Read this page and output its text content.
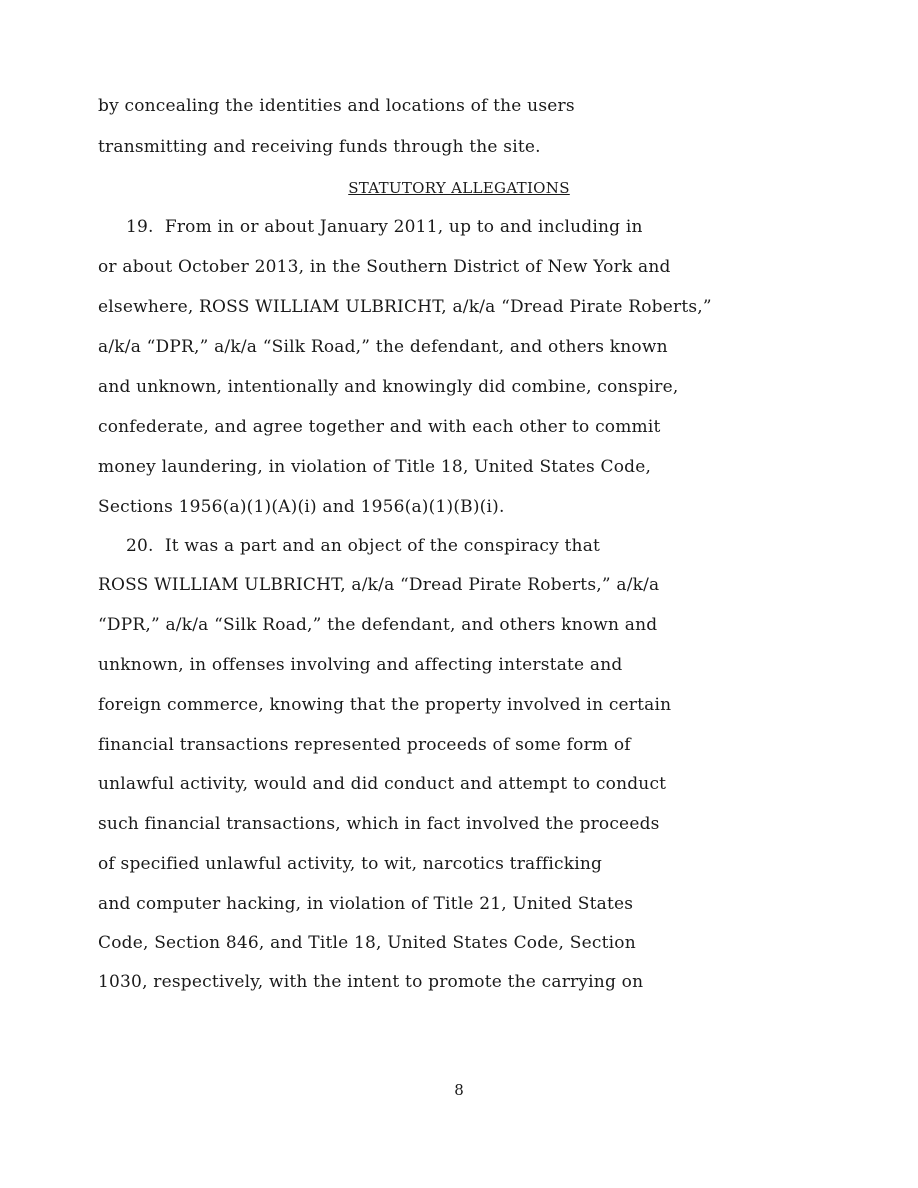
by concealing the identities and locations of the users
transmitting and receiving funds through the site.
STATUTORY ALLEGATIONS
19.  From in or about January 2011, up to and including in
or about October 2013, in the Southern District of New York and
elsewhere, ROSS WILLIAM ULBRICHT, a/k/a “Dread Pirate Roberts,”
a/k/a “DPR,” a/k/a “Silk Road,” the defendant, and others known
and unknown, intentionally and knowingly did combine, conspire,
confederate, and agree together and with each other to commit
money laundering, in violation of Title 18, United States Code,
Sections 1956(a)(1)(A)(i) and 1956(a)(1)(B)(i).
20.  It was a part and an object of the conspiracy that
ROSS WILLIAM ULBRICHT, a/k/a “Dread Pirate Roberts,” a/k/a
“DPR,” a/k/a “Silk Road,” the defendant, and others known and
unknown, in offenses involving and affecting interstate and
foreign commerce, knowing that the property involved in certain
financial transactions represented proceeds of some form of
unlawful activity, would and did conduct and attempt to conduct
such financial transactions, which in fact involved the proceeds
of specified unlawful activity, to wit, narcotics trafficking
and computer hacking, in violation of Title 21, United States
Code, Section 846, and Title 18, United States Code, Section
1030, respectively, with the intent to promote the carrying on
8
